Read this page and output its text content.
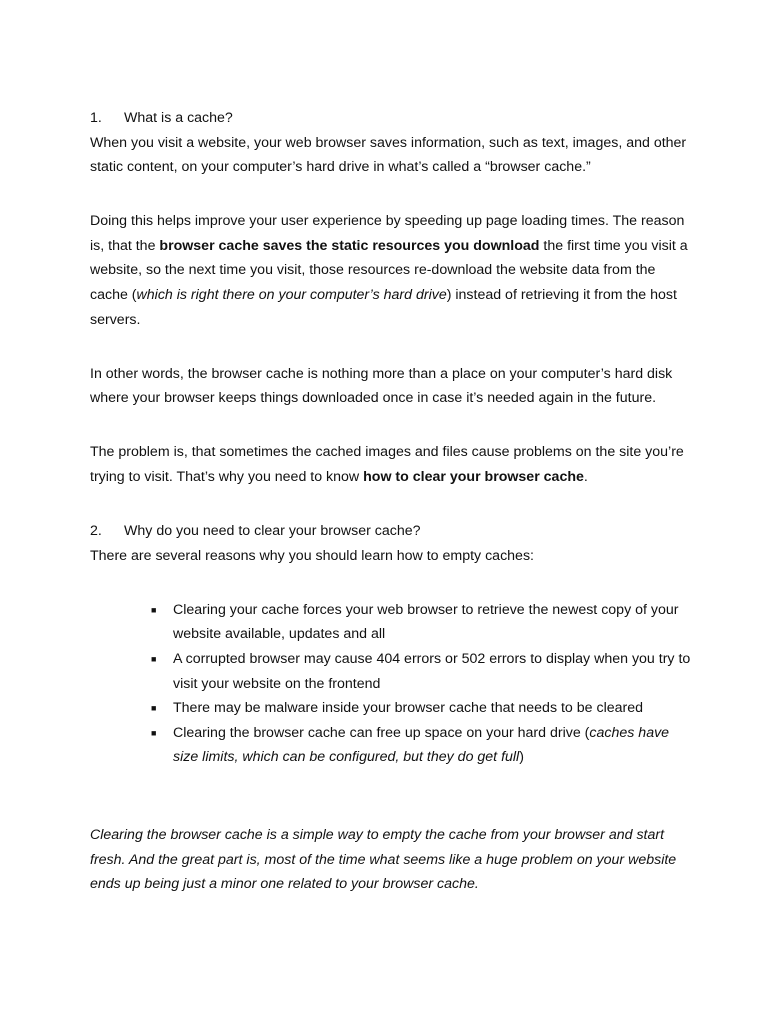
1.	What is a cache?
When you visit a website, your web browser saves information, such as text, images, and other
static content, on your computer’s hard drive in what’s called a “browser cache.”
Doing this helps improve your user experience by speeding up page loading times. The reason
is, that the browser cache saves the static resources you download the first time you visit a
website, so the next time you visit, those resources re-download the website data from the
cache (which is right there on your computer’s hard drive) instead of retrieving it from the host
servers.
In other words, the browser cache is nothing more than a place on your computer’s hard disk
where your browser keeps things downloaded once in case it’s needed again in the future.
The problem is, that sometimes the cached images and files cause problems on the site you’re
trying to visit. That’s why you need to know how to clear your browser cache.
2.	Why do you need to clear your browser cache?
There are several reasons why you should learn how to empty caches:
■ Clearing your cache forces your web browser to retrieve the newest copy of your
website available, updates and all
■ A corrupted browser may cause 404 errors or 502 errors to display when you try to
visit your website on the frontend
■ There may be malware inside your browser cache that needs to be cleared
■ Clearing the browser cache can free up space on your hard drive (caches have
size limits, which can be configured, but they do get full)
Clearing the browser cache is a simple way to empty the cache from your browser and start
fresh. And the great part is, most of the time what seems like a huge problem on your website
ends up being just a minor one related to your browser cache.
